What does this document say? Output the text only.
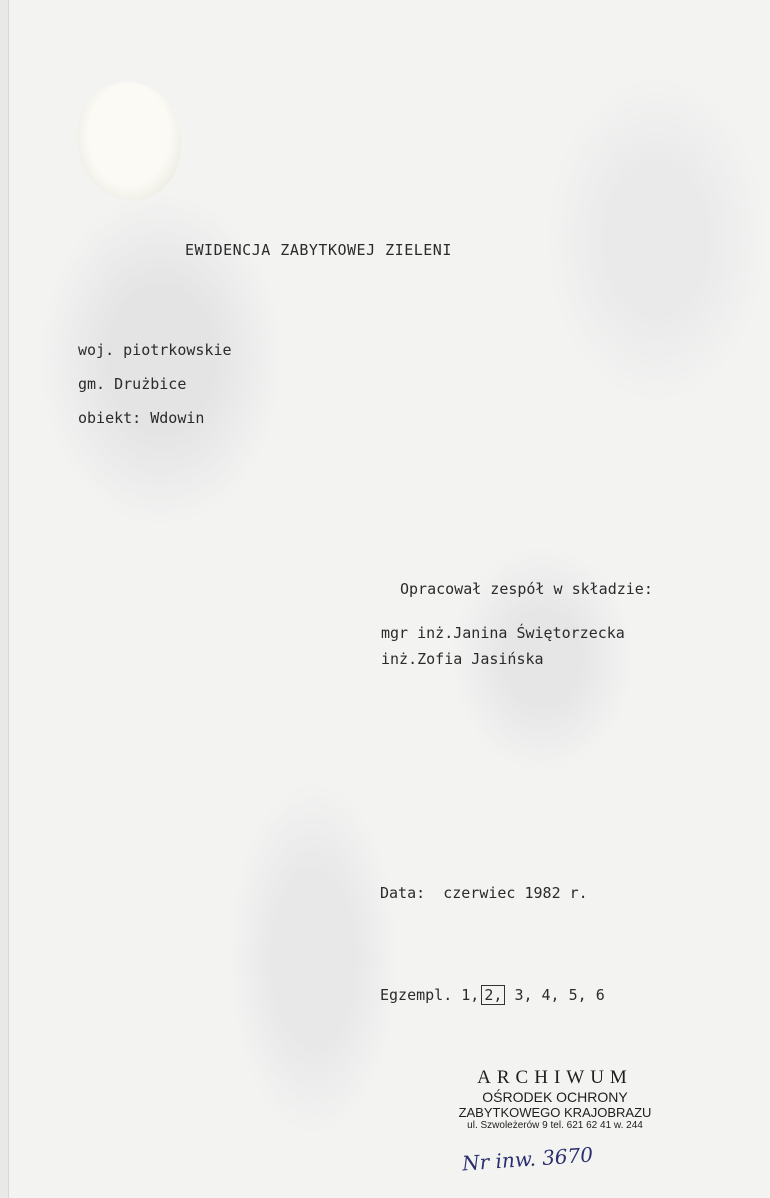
EWIDENCJA ZABYTKOWEJ ZIELENI
woj. piotrkowskie
gm. Drużbice
obiekt: Wdowin
Opracował zespół w składzie:
mgr inż.Janina Świętorzecka
inż.Zofia Jasińska
Data: czerwiec 1982 r.
Egzempl. 1, 2, 3, 4, 5, 6
ARCHIWUM
OŚRODEK OCHRONY
ZABYTKOWEGO KRAJOBRAZU
ul. Szwoleżerów 9 tel. 621 62 41 w. 244
Nr inw. 3670
